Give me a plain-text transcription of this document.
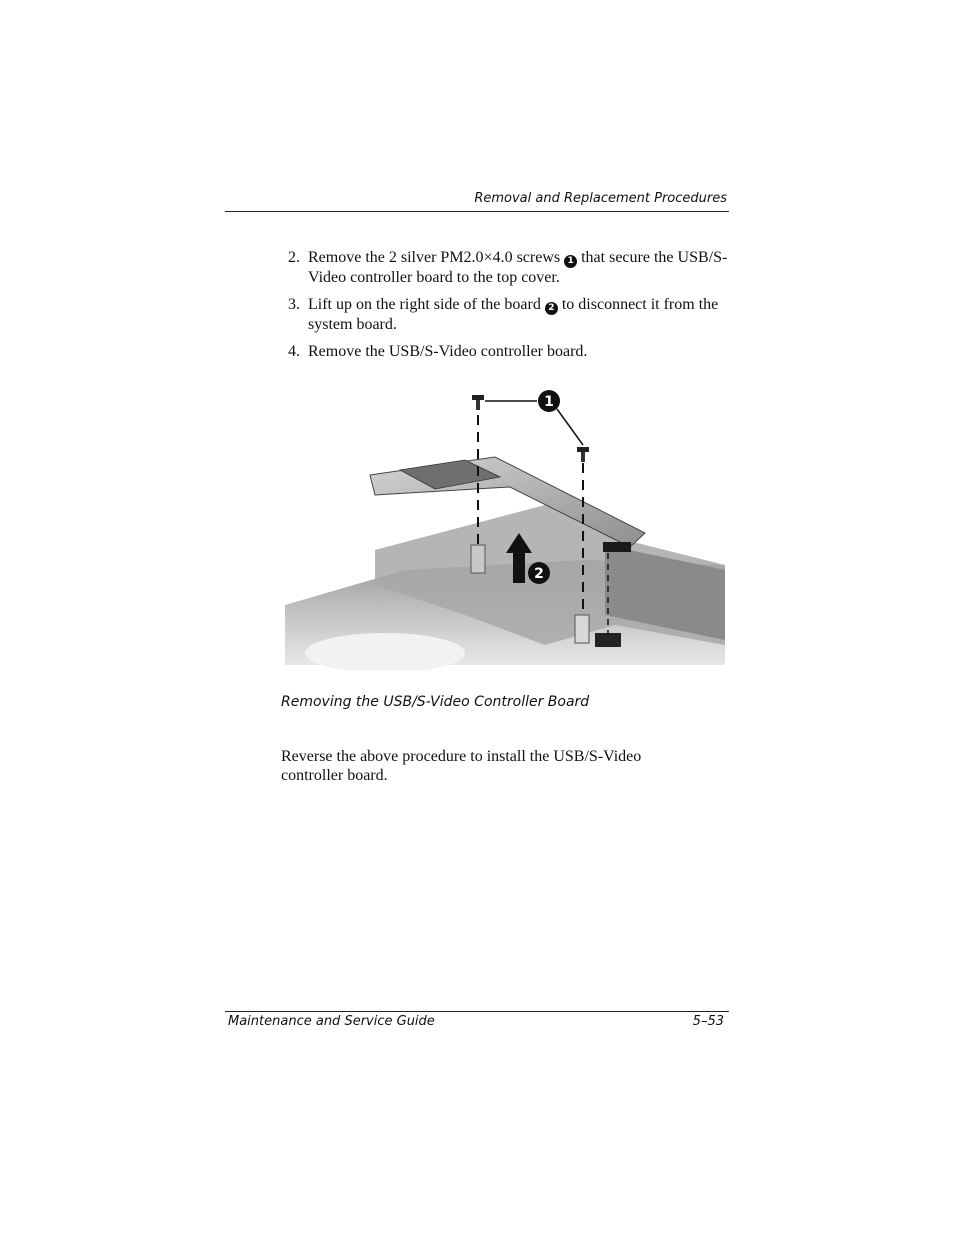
Removal and Replacement Procedures
2. Remove the 2 silver PM2.0×4.0 screws 1 that secure the USB/S-Video controller board to the top cover.
3. Lift up on the right side of the board 2 to disconnect it from the system board.
4. Remove the USB/S-Video controller board.
1
2
Removing the USB/S-Video Controller Board
Reverse the above procedure to install the USB/S-Video controller board.
Maintenance and Service Guide	5–53
